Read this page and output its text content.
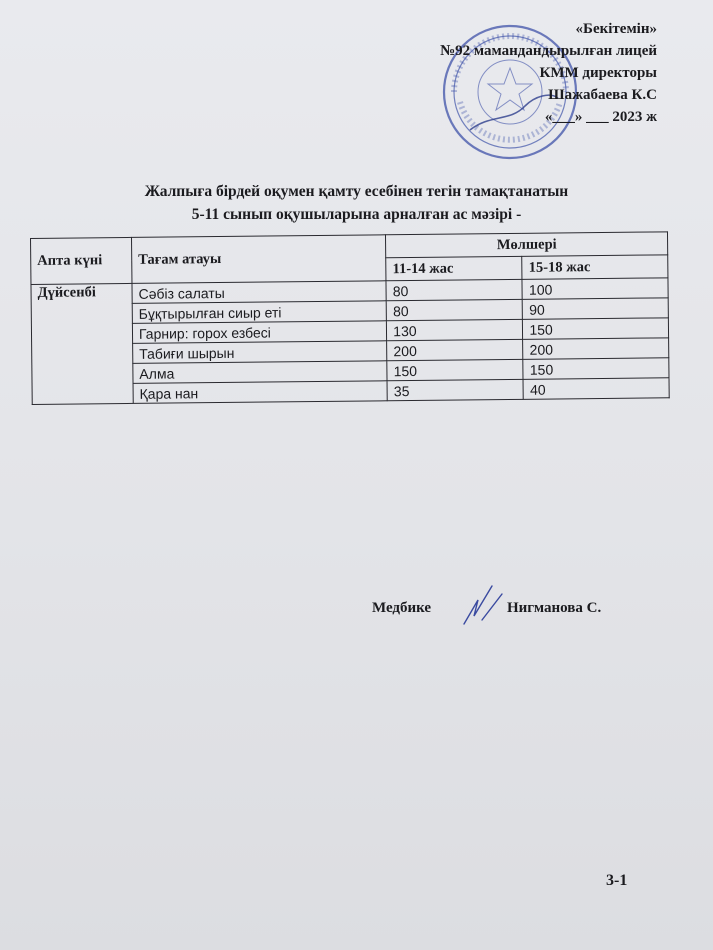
«Бекітемін»
№92 мамандандырылған лицей
КММ директоры
Шажабаева К.С
«___» ___ 2023 ж
Жалпыға бірдей оқумен қамту есебінен тегін тамақтанатын
5-11 сынып оқушыларына арналған ас мәзірі -
Апта күні	Тағам атауы	Мөлшері	
		11-14 жас	15-18 жас
Дүйсенбі	Сәбіз салаты	80	100
	Бұқтырылған сиыр еті	80	90
	Гарнир: горох езбесі	130	150
	Табиғи шырын	200	200
	Алма	150	150
	Қара нан	35	40
Медбике	Нигманова С.
3-1
